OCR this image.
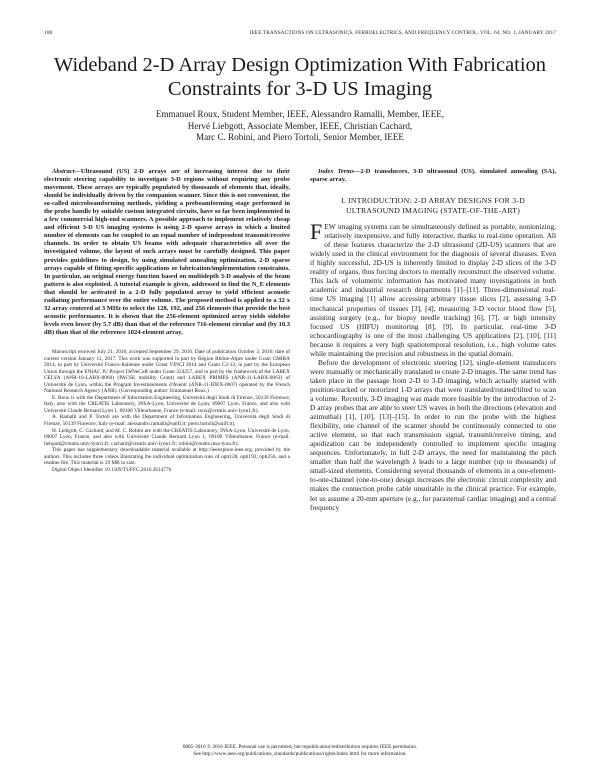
108	IEEE TRANSACTIONS ON ULTRASONICS, FERROELECTRICS, AND FREQUENCY CONTROL, VOL. 64, NO. 1, JANUARY 2017
Wideband 2-D Array Design Optimization With Fabrication Constraints for 3-D US Imaging

Emmanuel Roux, Student Member, IEEE, Alessandro Ramalli, Member, IEEE,

Hervé Liebgott, Associate Member, IEEE, Christian Cachard,

Marc C. Robini, and Piero Tortoli, Senior Member, IEEE

Abstract—Ultrasound (US) 2-D arrays are of increasing interest due to their electronic steering capability to investigate 3-D regions without requiring any probe movement. These arrays are typically populated by thousands of elements that, ideally, should be individually driven by the companion scanner. Since this is not convenient, the so-called microbeamforming methods, yielding a preboamforming stage performed in the probe handle by suitable custom integrated circuits, have so far been implemented in a few commercial high-end scanners. A possible approach to implement relatively cheap and efficient 3-D US imaging systems is using 2-D sparse arrays in which a limited number of elements can be coupled to an equal number of independent transmit/receive channels. In order to obtain US beams with adequate characteristics all over the investigated volume, the layout of such arrays must be carefully designed. This paper provides guidelines to design, by using simulated annealing optimization, 2-D sparse arrays capable of fitting specific applications or fabrication/implementation constraints. In particular, an original energy function based on multidepth 3-D analysis of the beam pattern is also exploited. A tutorial example is given, addressed to find the N_E elements that should be activated in a 2-D fully populated array to yield efficient acoustic radiating performance over the entire volume. The proposed method is applied to a 32 x 32 array centered at 3 MHz to select the 128, 192, and 256 elements that provide the best acoustic performance. It is shown that the 256-element optimized array yields sidelobe levels even lower (by 5.7 dB) than that of the reference 716-element circular and (by 10.3 dB) than that of the reference 1024-element array.

Manuscript received July 21, 2016; accepted September 29, 2016. Date of publication October 3, 2016; date of current version January 11, 2017. This work was supported in part by Région Rhône-Alpes under Grant CMIRA 2014, in part by Université Franco-Italienne under Grant VINCI 2014 and Grant C2-13, in part by the European Union through the ENIAC JU Project DeNeCoR under Grant 324257, and in part by the framework of the LABEX CELYA (ANR-10-LABX-0060) (PACSE mobility Grant) and LABEX PRIMES (ANR-11-LABX-0063) of Université de Lyon, within the Program Investissements d'Avenir (ANR-11-IDEX-0007) operated by the French National Research Agency (ANR). (Corresponding author: Emmanuel Roux.)

E. Roux is with the Department of Information Engineering, Università degli Studi di Firenze, 50139 Florence, Italy, also with the CREATIS Laboratory, INSA-Lyon, Université de Lyon, 69007 Lyon, France, and also with Université Claude Bernard Lyon 1, 69100 Villeurbanne, France (e-mail: roux@creatis.univ-lyon1.fr).

A. Ramalli and P. Tortoli are with the Department of Information Engineering, Università degli Studi di Firenze, 50139 Florence, Italy (e-mail: alessandro.ramalli@unifi.it; piero.tortoli@unifi.it).

H. Liebgott, C. Cachard, and M. C. Robini are with the CREATIS Laboratory, INSA-Lyon, Université de Lyon, 69007 Lyon, France, and also with Université Claude Bernard Lyon 1, 69100 Villeurbanne, France (e-mail: liebgott@creatis.univ-lyon1.fr; cachard@creatis.univ-lyon1.fr; robini@creatis.insa-lyon.fr).

This paper has supplementary downloadable material available at http://ieeexplore.ieee.org, provided by the authors. This includes three videos illustrating the individual optimization runs of opti128, opti192, opti256, and a readme file. This material is 19 MB in size.

Digital Object Identifier 10.1109/TUFFC.2016.2614776

Index Terms—2-D transducers, 3-D ultrasound (US), simulated annealing (SA), sparse array.

I. INTRODUCTION: 2-D ARRAY DESIGNS FOR 3-D
ULTRASOUND IMAGING (STATE-OF-THE-ART)

FEW imaging systems can be simultaneously defined as portable, nonionizing, relatively inexpensive, and fully interactive, thanks to real-time operation. All of these features characterize the 2-D ultrasound (2D-US) scanners that are widely used in the clinical environment for the diagnosis of several diseases. Even if highly successful, 2D-US is inherently limited to display 2-D slices of the 3-D reality of organs, thus forcing doctors to mentally reconstruct the observed volume. This lack of volumetric information has motivated many investigations in both academic and industrial research departments [1]–[11]. Three-dimensional real-time US imaging [1] allow accessing arbitrary tissue slices [2], assessing 3-D mechanical properties of tissues [3], [4], measuring 3-D vector blood flow [5], assisting surgery (e.g., for biopsy needle tracking) [6], [7], or high intensity focused US (HIFU) monitoring [8], [9]. In particular, real-time 3-D echocardiography is one of the most challenging US applications [2], [10], [11] because it requires a very high spatiotemporal resolution, i.e., high volume rates while maintaining the precision and robustness in the spatial domain.

Before the development of electronic steering [12], single-element transducers were manually or mechanically translated to create 2-D images. The same trend has taken place in the passage from 2-D to 3-D imaging, which actually started with position-tracked or motorized 1-D arrays that were translated/rotated/tilted to scan a volume. Recently, 3-D imaging was made more feasible by the introduction of 2-D array probes that are able to steer US waves in both the directions (elevation and azimuthal) [1], [10], [13]–[15]. In order to run the probe with the highest flexibility, one channel of the scanner should be continuously connected to one active element, so that each transmission signal, transmit/receive timing, and apodization can be independently controlled to implement specific imaging sequences. Unfortunately, in full 2-D arrays, the need for maintaining the pitch smaller than half the wavelength λ leads to a large number (up to thousands) of small-sized elements. Considering several thousands of elements in a one-element-to-one-channel (one-to-one) design increases the electronic circuit complexity and makes the connection probe cable unsuitable in the clinical practice. For example, let us assume a 20-mm aperture (e.g., for parasternal cardiac imaging) and a central frequency

0885-3010 © 2016 IEEE. Personal use is permitted, but republication/redistribution requires IEEE permission.

See http://www.ieee.org/publications_standards/publications/rights/index.html for more information.
